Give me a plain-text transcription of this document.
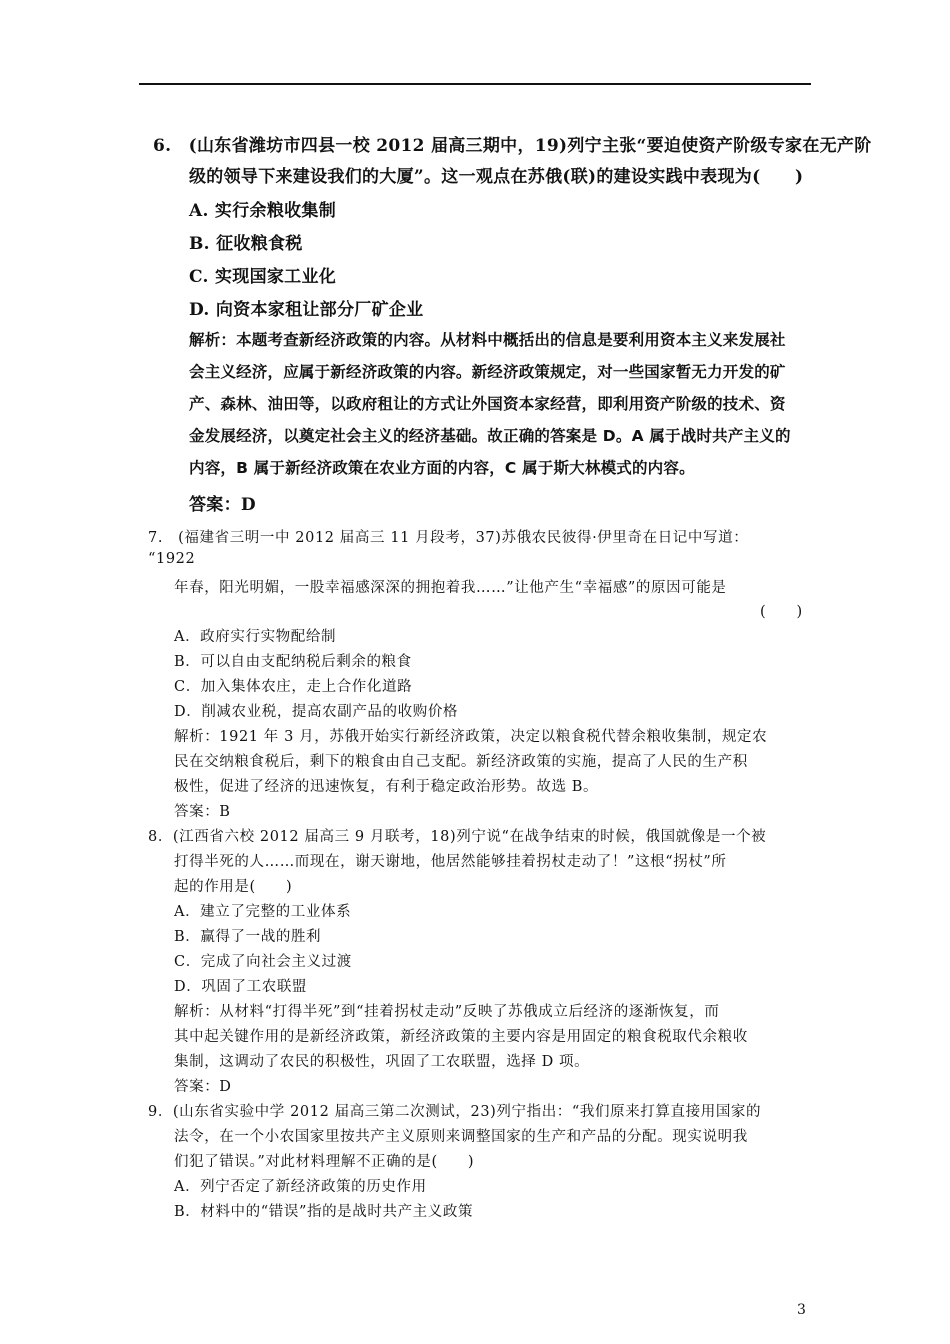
6.　(山东省潍坊市四县一校 2012 届高三期中，19)列宁主张“要迫使资产阶级专家在无产阶
级的领导下来建设我们的大厦”。这一观点在苏俄(联)的建设实践中表现为(　　)
A. 实行余粮收集制
B. 征收粮食税
C. 实现国家工业化
D. 向资本家租让部分厂矿企业
解析：本题考查新经济政策的内容。从材料中概括出的信息是要利用资本主义来发展社
会主义经济，应属于新经济政策的内容。新经济政策规定，对一些国家暂无力开发的矿
产、森林、油田等，以政府租让的方式让外国资本家经营，即利用资产阶级的技术、资
金发展经济，以奠定社会主义的经济基础。故正确的答案是 D。A 属于战时共产主义的
内容，B 属于新经济政策在农业方面的内容，C 属于斯大林模式的内容。
答案：D
7.　(福建省三明一中 2012 届高三 11 月段考，37)苏俄农民彼得·伊里奇在日记中写道：
“1922
年春，阳光明媚，一股幸福感深深的拥抱着我……”让他产生“幸福感”的原因可能是
(　　)
A．政府实行实物配给制
B．可以自由支配纳税后剩余的粮食
C．加入集体农庄，走上合作化道路
D．削减农业税，提高农副产品的收购价格
解析：1921 年 3 月，苏俄开始实行新经济政策，决定以粮食税代替余粮收集制，规定农
民在交纳粮食税后，剩下的粮食由自己支配。新经济政策的实施，提高了人民的生产积
极性，促进了经济的迅速恢复，有利于稳定政治形势。故选 B。
答案：B
8．(江西省六校 2012 届高三 9 月联考，18)列宁说“在战争结束的时候，俄国就像是一个被
打得半死的人……而现在，谢天谢地，他居然能够挂着拐杖走动了！”这根“拐杖”所
起的作用是(　　)
A．建立了完整的工业体系
B．赢得了一战的胜利
C．完成了向社会主义过渡
D．巩固了工农联盟
解析：从材料“打得半死”到“挂着拐杖走动”反映了苏俄成立后经济的逐渐恢复，而
其中起关键作用的是新经济政策，新经济政策的主要内容是用固定的粮食税取代余粮收
集制，这调动了农民的积极性，巩固了工农联盟，选择 D 项。
答案：D
9．(山东省实验中学 2012 届高三第二次测试，23)列宁指出：“我们原来打算直接用国家的
法令，在一个小农国家里按共产主义原则来调整国家的生产和产品的分配。现实说明我
们犯了错误。”对此材料理解不正确的是(　　)
A．列宁否定了新经济政策的历史作用
B．材料中的“错误”指的是战时共产主义政策
3
